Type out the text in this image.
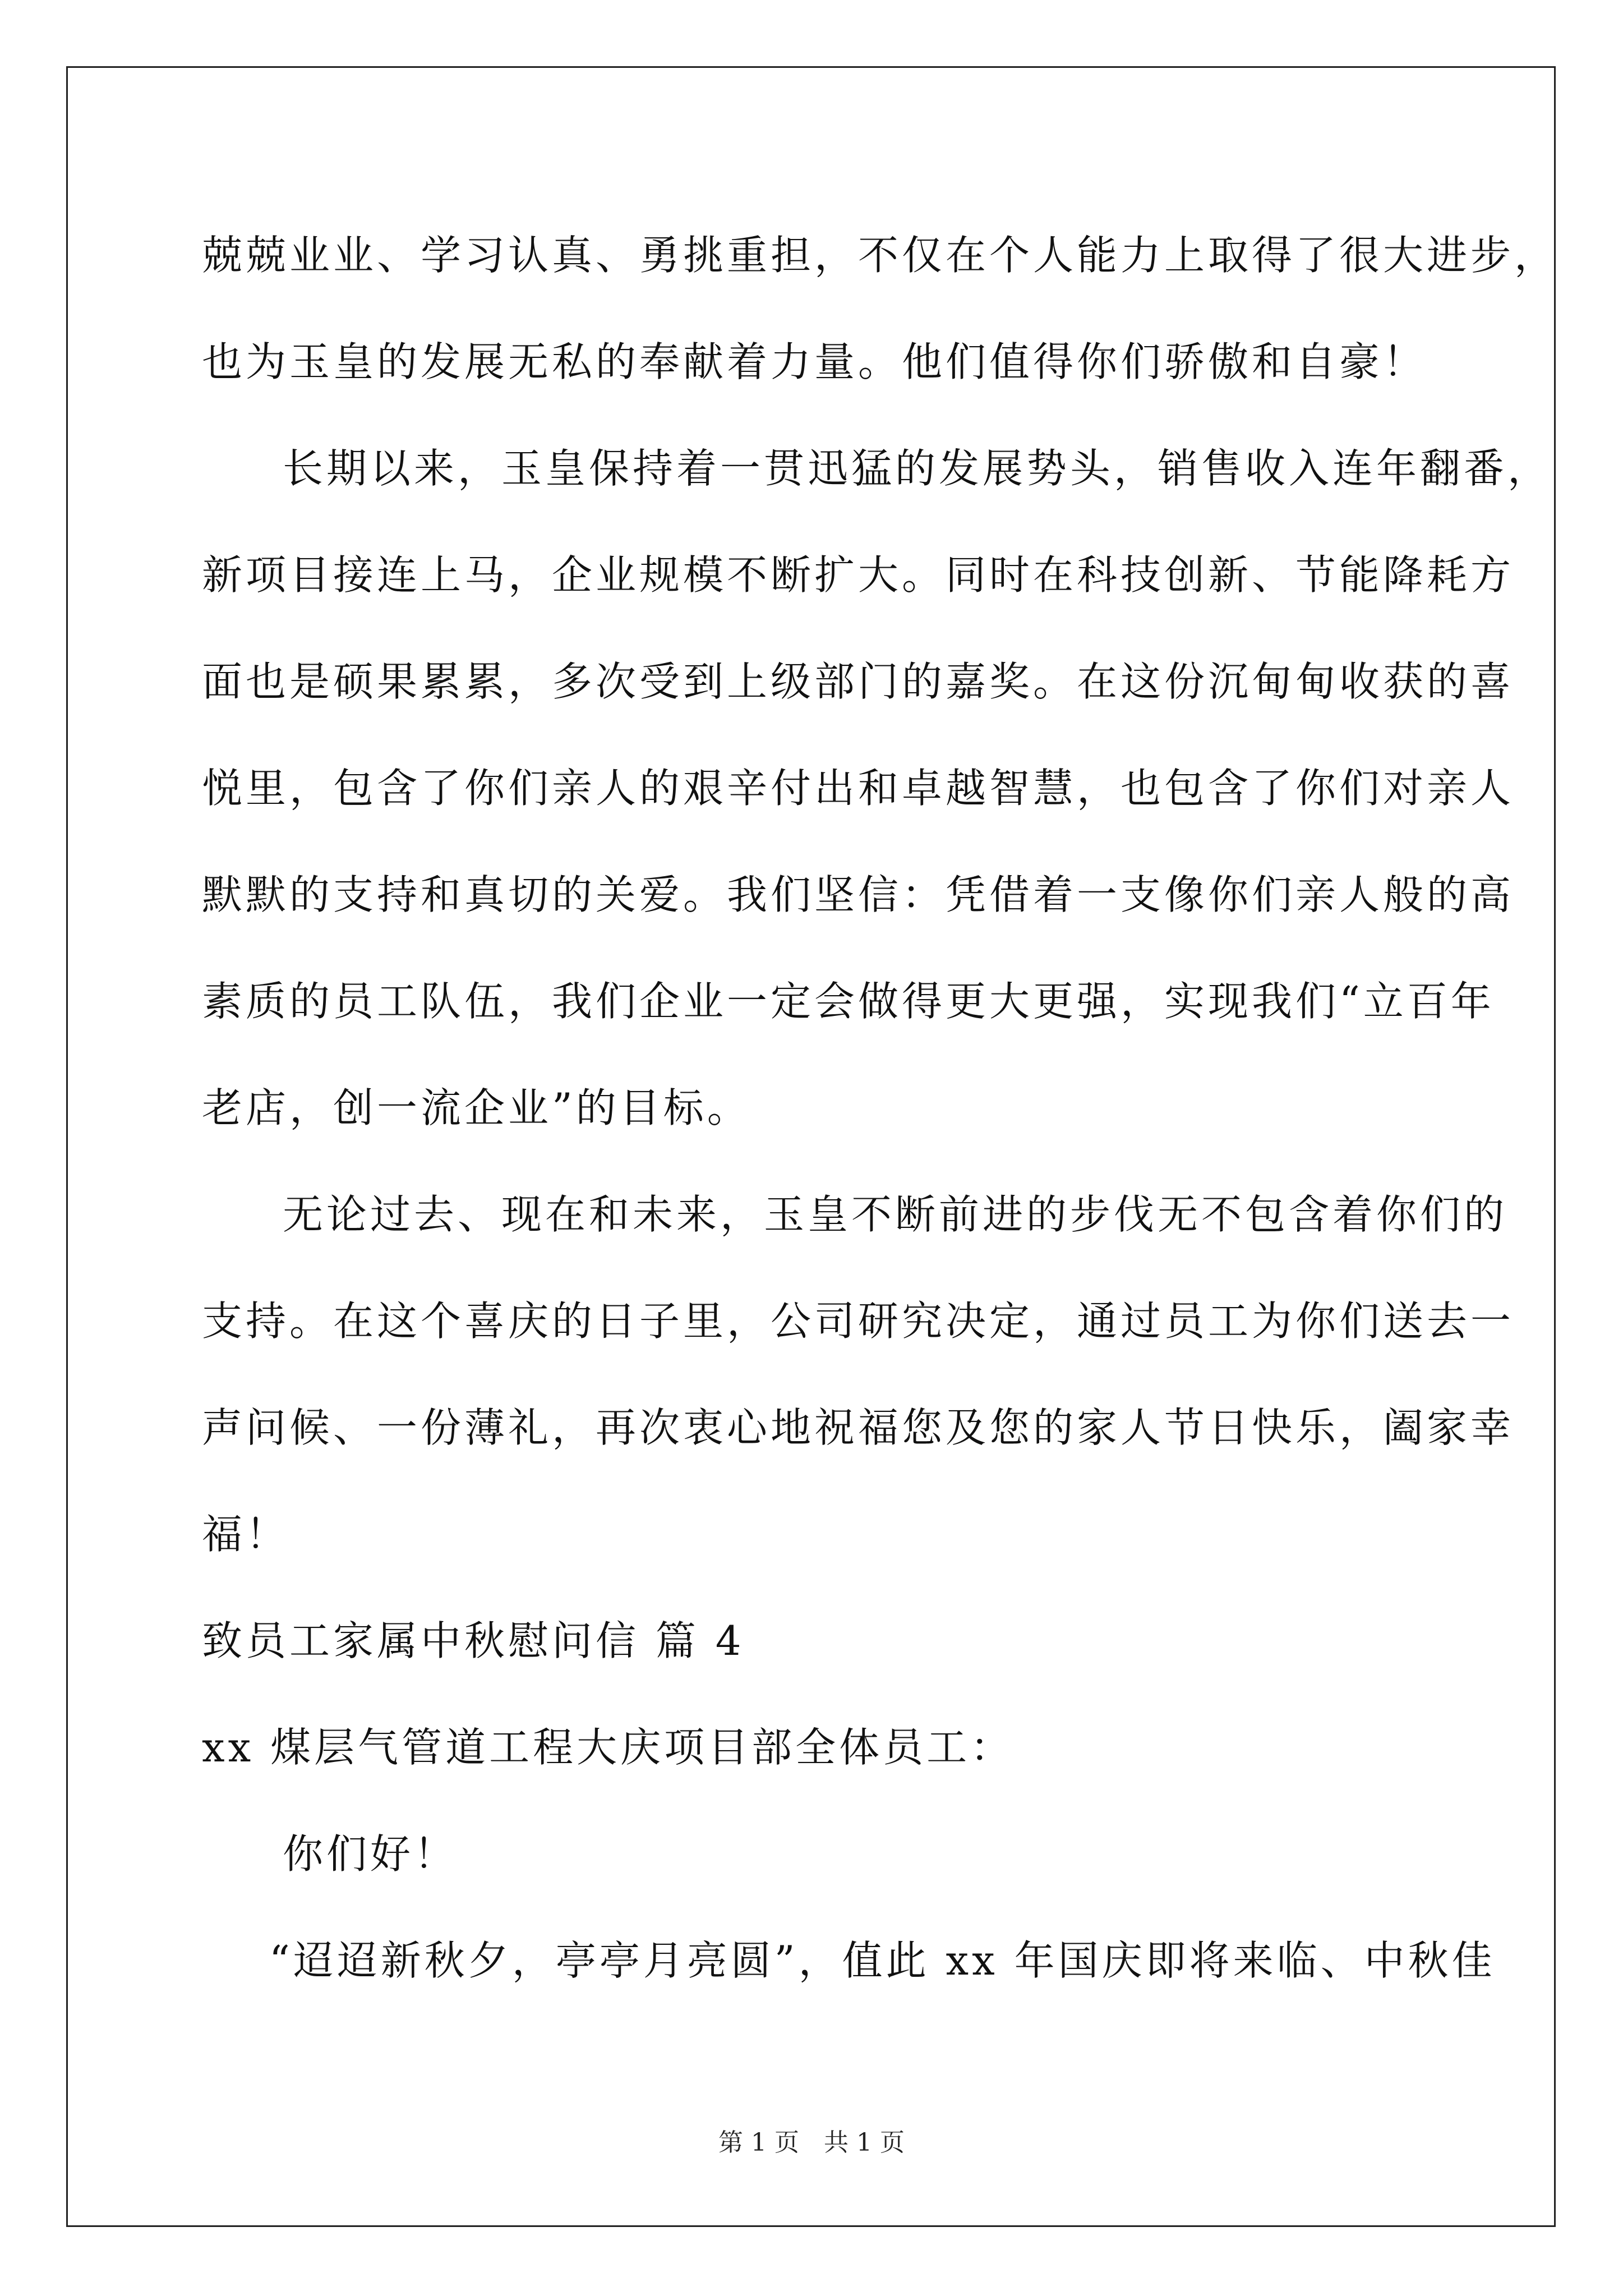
兢兢业业、学习认真、勇挑重担，不仅在个人能力上取得了很大进步，
也为玉皇的发展无私的奉献着力量。他们值得你们骄傲和自豪！
长期以来，玉皇保持着一贯迅猛的发展势头，销售收入连年翻番，
新项目接连上马，企业规模不断扩大。同时在科技创新、节能降耗方
面也是硕果累累，多次受到上级部门的嘉奖。在这份沉甸甸收获的喜
悦里，包含了你们亲人的艰辛付出和卓越智慧，也包含了你们对亲人
默默的支持和真切的关爱。我们坚信：凭借着一支像你们亲人般的高
素质的员工队伍，我们企业一定会做得更大更强，实现我们“立百年
老店，创一流企业”的目标。
无论过去、现在和未来，玉皇不断前进的步伐无不包含着你们的
支持。在这个喜庆的日子里，公司研究决定，通过员工为你们送去一
声问候、一份薄礼，再次衷心地祝福您及您的家人节日快乐，阖家幸
福！
致员工家属中秋慰问信 篇 4
xx 煤层气管道工程大庆项目部全体员工：
你们好！
“迢迢新秋夕，亭亭月亮圆”，值此 xx 年国庆即将来临、中秋佳
第 1 页　共 1 页
